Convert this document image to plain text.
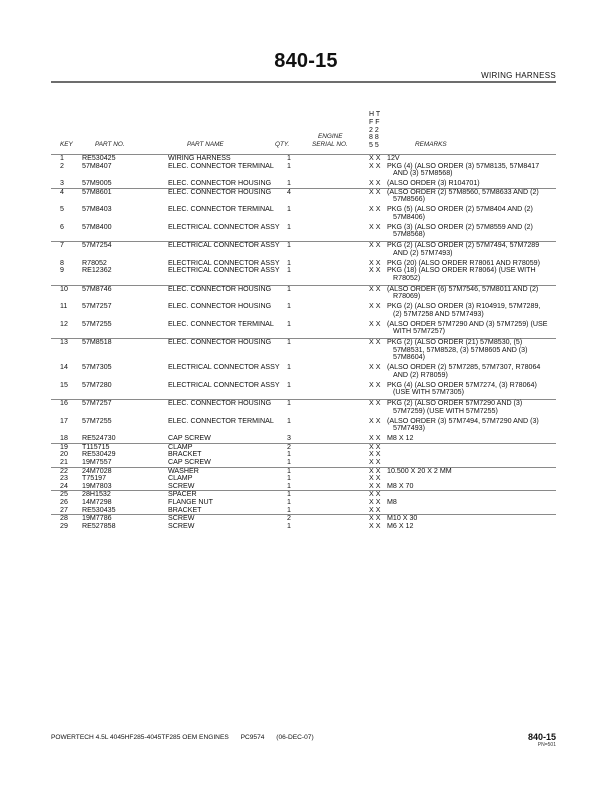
840-15
WIRING HARNESS
KEY	PART NO.	PART NAME	QTY.
ENGINE
SERIAL NO.
H T
F F
2 2
8 8
5 5	REMARKS
1	RE530425	WIRING HARNESS	1	X X 12V
2	57M8407	ELEC. CONNECTOR TERMINAL 1	X X PKG (4) (ALSO ORDER (3) 57M8135, 57M8417
AND (3) 57M8568)
3	57M9005	ELEC. CONNECTOR HOUSING 1	X X (ALSO ORDER (3) R104701)
4	57M8601	ELEC. CONNECTOR HOUSING 4	X X (ALSO ORDER (2) 57M8560, 57M8633 AND (2)
57M8566)
5	57M8403	ELEC. CONNECTOR TERMINAL 1	X X PKG (5) (ALSO ORDER (2) 57M8404 AND (2)
57M8406)
6	57M8400	ELECTRICAL CONNECTOR ASSY 1	X X PKG (3) (ALSO ORDER (2) 57M8559 AND (2)
57M8568)
7	57M7254	ELECTRICAL CONNECTOR ASSY 1	X X PKG (2) (ALSO ORDER (2) 57M7494, 57M7289
AND (2) 57M7493)
8	R78052	ELECTRICAL CONNECTOR ASSY 1	X X PKG (20) (ALSO ORDER R78061 AND R78059)
9	RE12362	ELECTRICAL CONNECTOR ASSY 1	X X PKG (18) (ALSO ORDER R78064) (USE WITH
R78052)
10 57M8746	ELEC. CONNECTOR HOUSING 1	X X (ALSO ORDER (6) 57M7546, 57M8011 AND (2)
R78069)
11 57M7257	ELEC. CONNECTOR HOUSING 1	X X PKG (2) (ALSO ORDER (3) R104919, 57M7289,
(2) 57M7258 AND 57M7493)
12 57M7255	ELEC. CONNECTOR TERMINAL 1	X X (ALSO ORDER 57M7290 AND (3) 57M7259) (USE
WITH 57M7257)
13 57M8518	ELEC. CONNECTOR HOUSING 1	X X PKG (2) (ALSO ORDER (21) 57M8530, (5)
57M8531, 57M8528, (3) 57M8605 AND (3)
57M8604)
14 57M7305	ELECTRICAL CONNECTOR ASSY 1	X X (ALSO ORDER (2) 57M7285, 57M7307, R78064
AND (2) R78059)
15 57M7280	ELECTRICAL CONNECTOR ASSY 1	X X PKG (4) (ALSO ORDER 57M7274, (3) R78064)
(USE WITH 57M7305)
16 57M7257	ELEC. CONNECTOR HOUSING 1	X X PKG (2) (ALSO ORDER 57M7290 AND (3)
57M7259) (USE WITH 57M7255)
17 57M7255	ELEC. CONNECTOR TERMINAL 1	X X (ALSO ORDER (3) 57M7494, 57M7290 AND (3)
57M7493)
18 RE524730	CAP SCREW	3	X X M8 X 12
19 T115715	CLAMP	2	X X

20 RE530429	BRACKET	1	X X

21 19M7557	CAP SCREW	1	X X

22 24M7028	WASHER	1	X X 10.500 X 20 X 2 MM
23 T75197	CLAMP	1	X X

24 19M7803	SCREW	1	X X M8 X 70
25 28H1532	SPACER	1	X X

26 14M7298	FLANGE NUT	1	X X M8
27 RE530435	BRACKET	1	X X

28 19M7786	SCREW	2	X X M10 X 30
29 RE527858	SCREW	1	X X M6 X 12
POWERTECH 4.5L 4045HF285-4045TF285 OEM ENGINES PC9574 (06-DEC-07)	840-15
PN=501
